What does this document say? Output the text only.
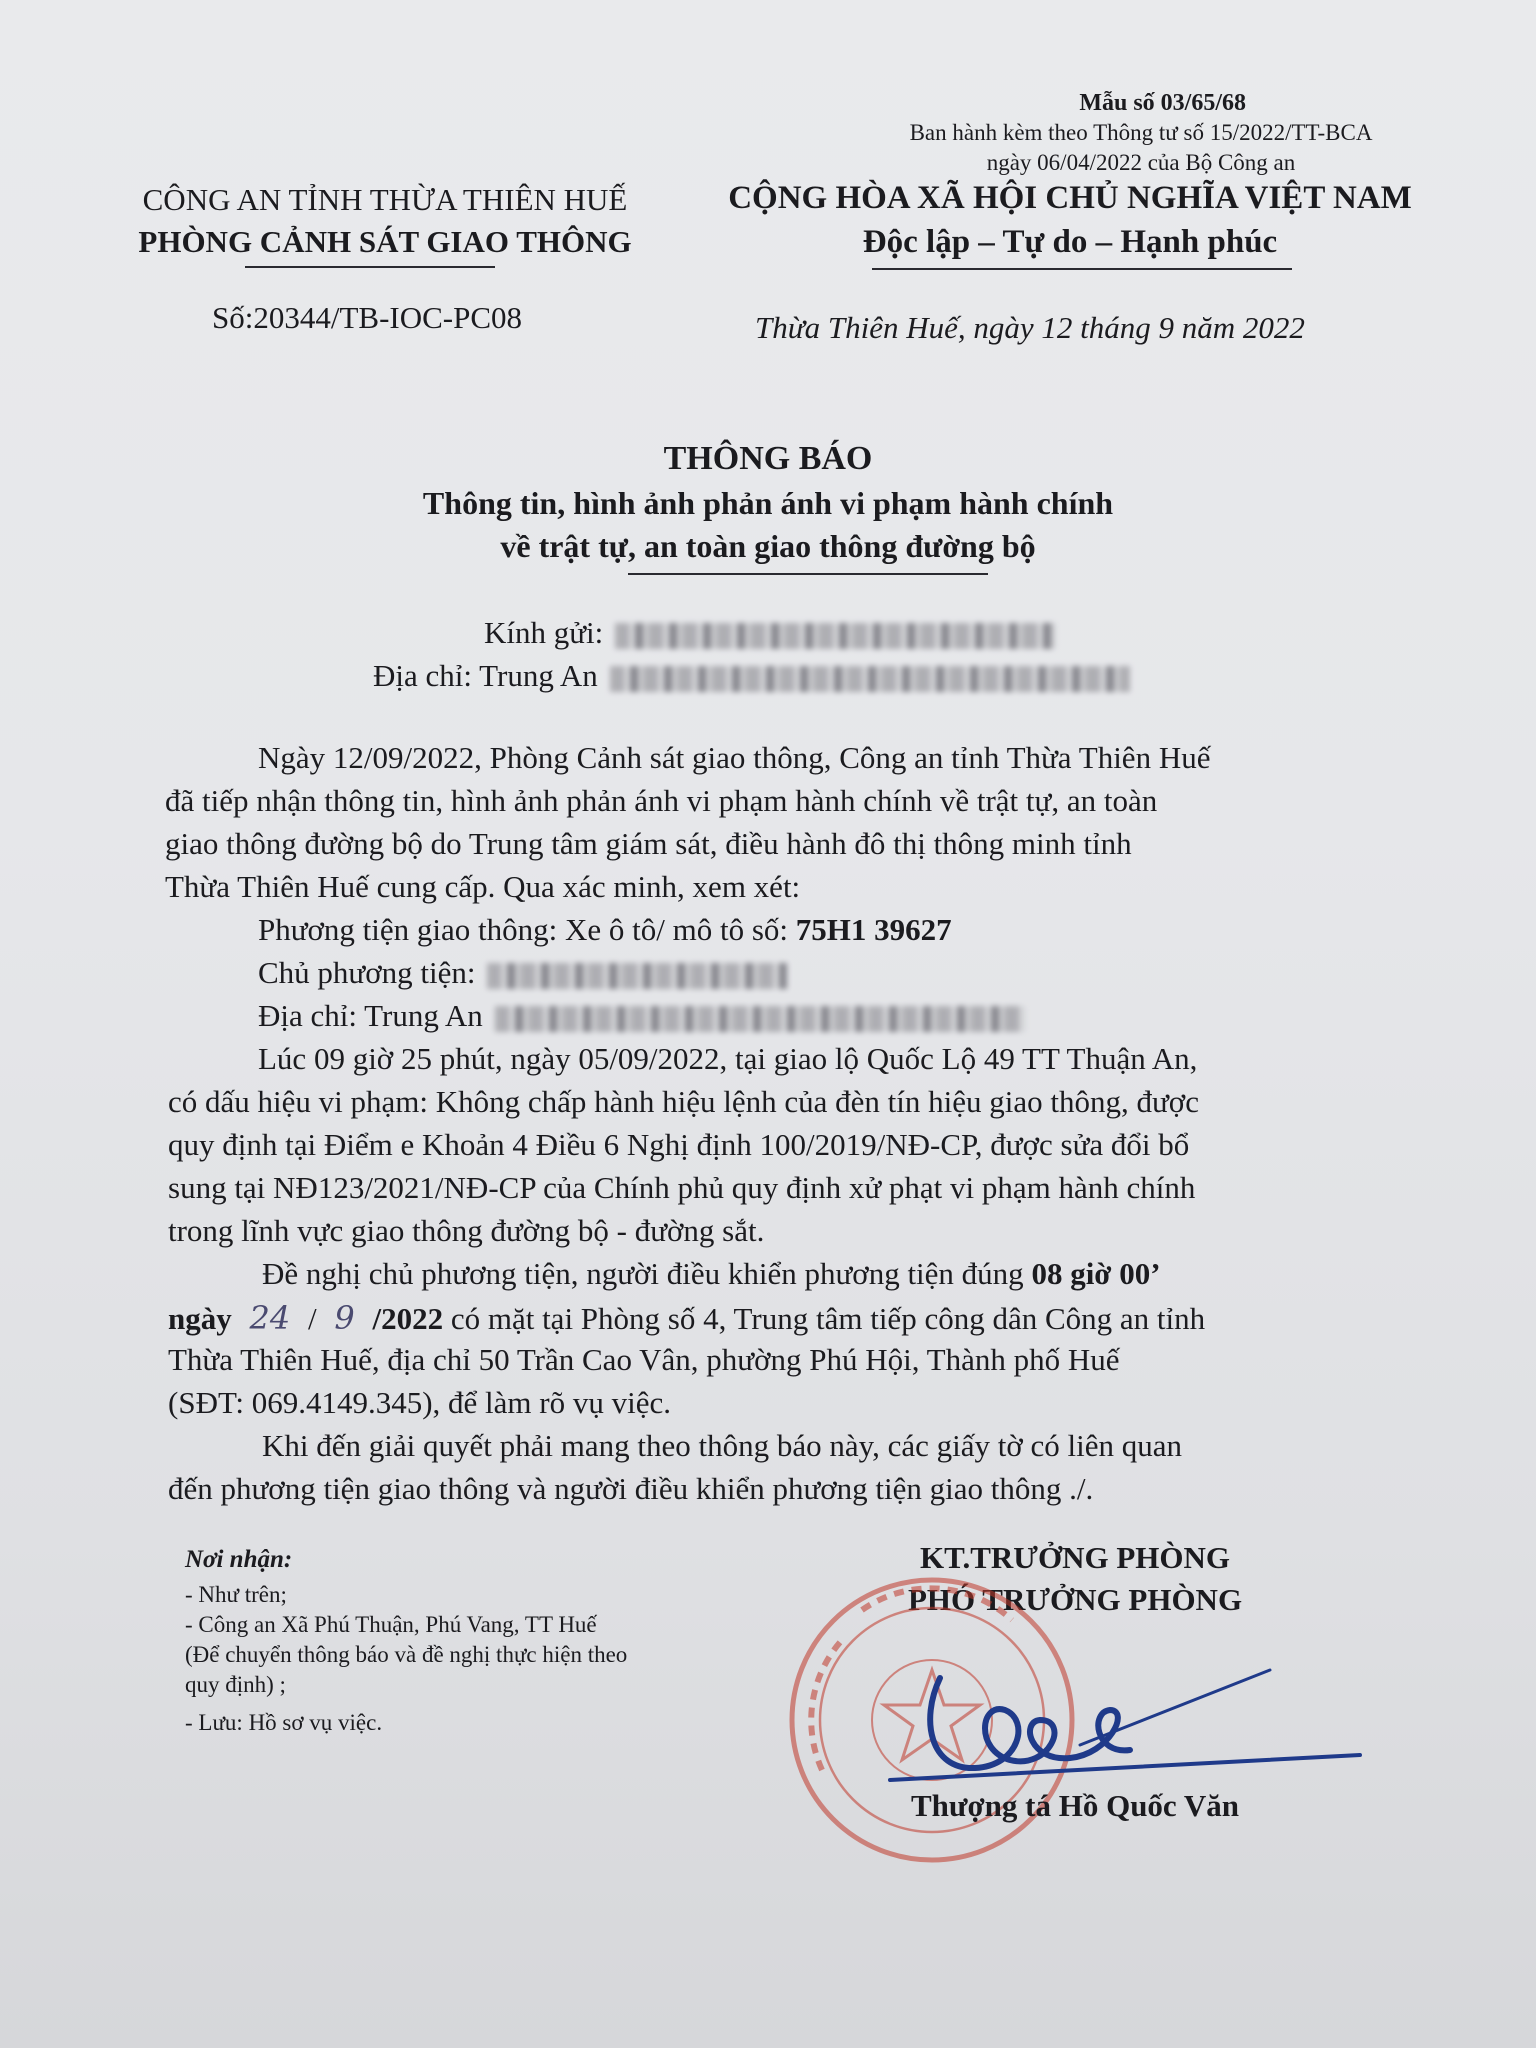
Mẫu số 03/65/68
Ban hành kèm theo Thông tư số 15/2022/TT-BCA
ngày 06/04/2022 của Bộ Công an
CÔNG AN TỈNH THỪA THIÊN HUẾ
PHÒNG CẢNH SÁT GIAO THÔNG
CỘNG HÒA XÃ HỘI CHỦ NGHĨA VIỆT NAM
Độc lập – Tự do – Hạnh phúc
Số:20344/TB-IOC-PC08	Thừa Thiên Huế, ngày 12 tháng 9 năm 2022
THÔNG BÁO
Thông tin, hình ảnh phản ánh vi phạm hành chính
về trật tự, an toàn giao thông đường bộ
Kính gửi:
Địa chỉ: Trung An
Ngày 12/09/2022, Phòng Cảnh sát giao thông, Công an tỉnh Thừa Thiên Huế
đã tiếp nhận thông tin, hình ảnh phản ánh vi phạm hành chính về trật tự, an toàn
giao thông đường bộ do Trung tâm giám sát, điều hành đô thị thông minh tỉnh
Thừa Thiên Huế cung cấp. Qua xác minh, xem xét:
Phương tiện giao thông: Xe ô tô/ mô tô số: 75H1 39627
Chủ phương tiện:
Địa chỉ: Trung An
Lúc 09 giờ 25 phút, ngày 05/09/2022, tại giao lộ Quốc Lộ 49 TT Thuận An,
có dấu hiệu vi phạm: Không chấp hành hiệu lệnh của đèn tín hiệu giao thông, được
quy định tại Điểm e Khoản 4 Điều 6 Nghị định 100/2019/NĐ-CP, được sửa đổi bổ
sung tại NĐ123/2021/NĐ-CP của Chính phủ quy định xử phạt vi phạm hành chính
trong lĩnh vực giao thông đường bộ - đường sắt.
Đề nghị chủ phương tiện, người điều khiển phương tiện đúng 08 giờ 00’
ngày 24 / 9 /2022 có mặt tại Phòng số 4, Trung tâm tiếp công dân Công an tỉnh
Thừa Thiên Huế, địa chỉ 50 Trần Cao Vân, phường Phú Hội, Thành phố Huế
(SĐT: 069.4149.345), để làm rõ vụ việc.
Khi đến giải quyết phải mang theo thông báo này, các giấy tờ có liên quan
đến phương tiện giao thông và người điều khiển phương tiện giao thông ./.
Nơi nhận:
- Như trên;
- Công an Xã Phú Thuận, Phú Vang, TT Huế
(Để chuyển thông báo và đề nghị thực hiện theo
quy định) ;
- Lưu: Hồ sơ vụ việc.
KT.TRƯỞNG PHÒNG
PHÓ TRƯỞNG PHÒNG
Thượng tá Hồ Quốc Văn
